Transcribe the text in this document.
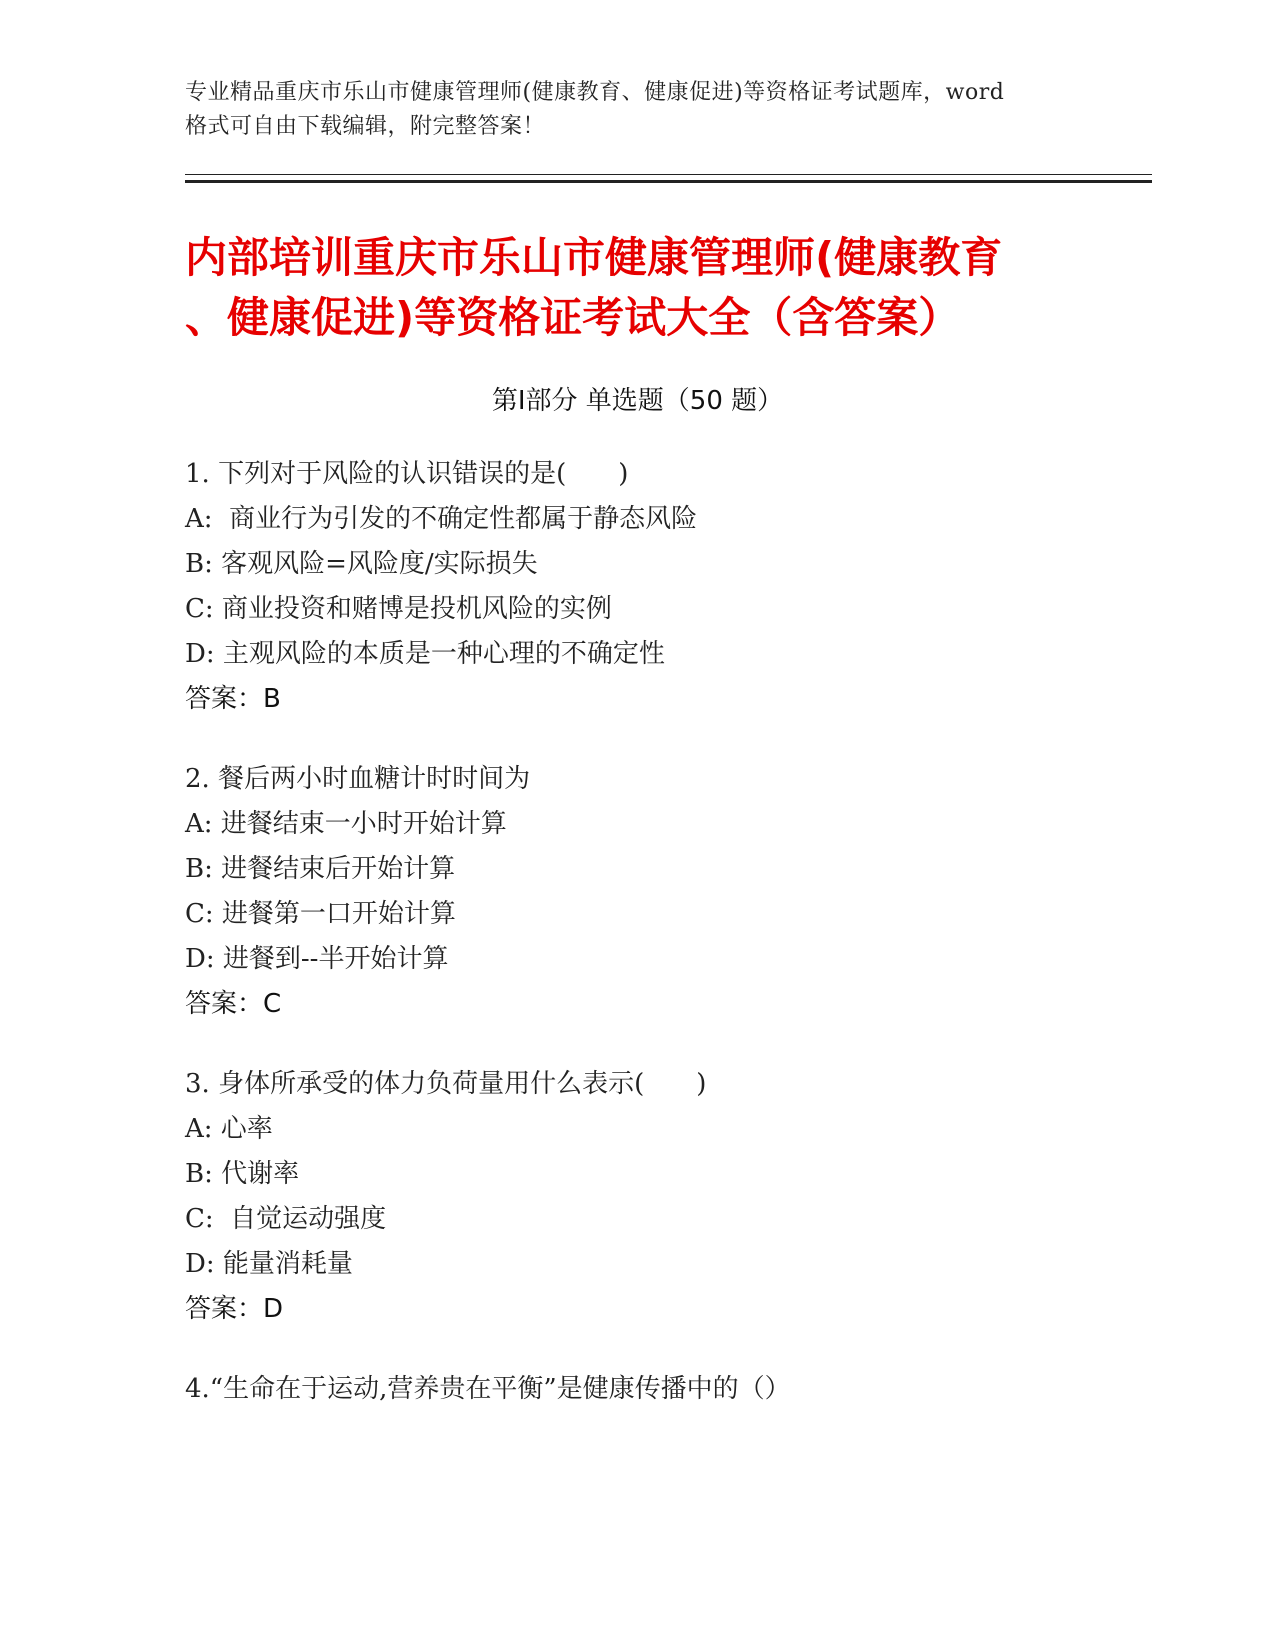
专业精品重庆市乐山市健康管理师(健康教育、健康促进)等资格证考试题库，word
格式可自由下载编辑，附完整答案！
内部培训重庆市乐山市健康管理师(健康教育
、健康促进)等资格证考试大全（含答案）
第Ⅰ部分 单选题（50 题）
1. 下列对于风险的认识错误的是(　　)
A:  商业行为引发的不确定性都属于静态风险
B: 客观风险=风险度/实际损失
C: 商业投资和赌博是投机风险的实例
D: 主观风险的本质是一种心理的不确定性
答案：B
2. 餐后两小时血糖计时时间为
A: 进餐结束一小时开始计算
B: 进餐结束后开始计算
C: 进餐第一口开始计算
D: 进餐到--半开始计算
答案：C
3. 身体所承受的体力负荷量用什么表示(　　)
A: 心率
B: 代谢率
C:  自觉运动强度
D: 能量消耗量
答案：D
4.“生命在于运动,营养贵在平衡”是健康传播中的（）
